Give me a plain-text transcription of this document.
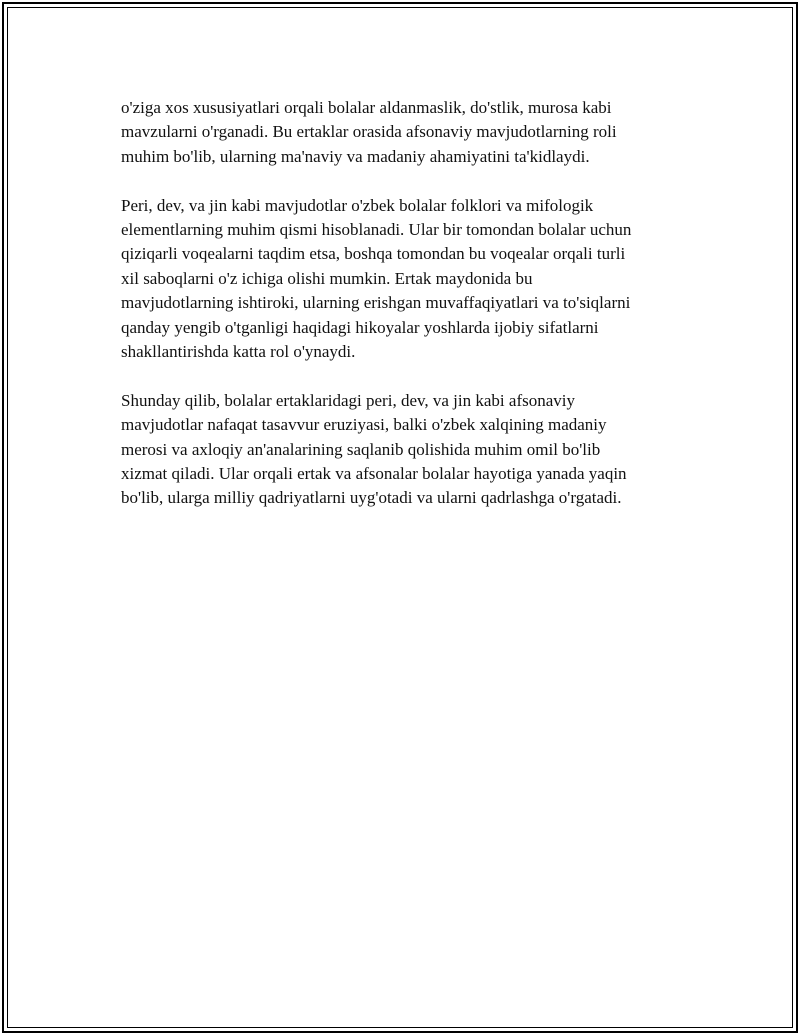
o'ziga xos xususiyatlari orqali bolalar aldanmaslik, do'stlik, murosa kabi
mavzularni o'rganadi. Bu ertaklar orasida afsonaviy mavjudotlarning roli
muhim bo'lib, ularning ma'naviy va madaniy ahamiyatini ta'kidlaydi.

Peri, dev, va jin kabi mavjudotlar o'zbek bolalar folklori va mifologik
elementlarning muhim qismi hisoblanadi. Ular bir tomondan bolalar uchun
qiziqarli voqealarni taqdim etsa, boshqa tomondan bu voqealar orqali turli
xil saboqlarni o'z ichiga olishi mumkin. Ertak maydonida bu
mavjudotlarning ishtiroki, ularning erishgan muvaffaqiyatlari va to'siqlarni
qanday yengib o'tganligi haqidagi hikoyalar yoshlarda ijobiy sifatlarni
shakllantirishda katta rol o'ynaydi.

Shunday qilib, bolalar ertaklaridagi peri, dev, va jin kabi afsonaviy
mavjudotlar nafaqat tasavvur eruziyasi, balki o'zbek xalqining madaniy
merosi va axloqiy an'analarining saqlanib qolishida muhim omil bo'lib
xizmat qiladi. Ular orqali ertak va afsonalar bolalar hayotiga yanada yaqin
bo'lib, ularga milliy qadriyatlarni uyg'otadi va ularni qadrlashga o'rgatadi.
